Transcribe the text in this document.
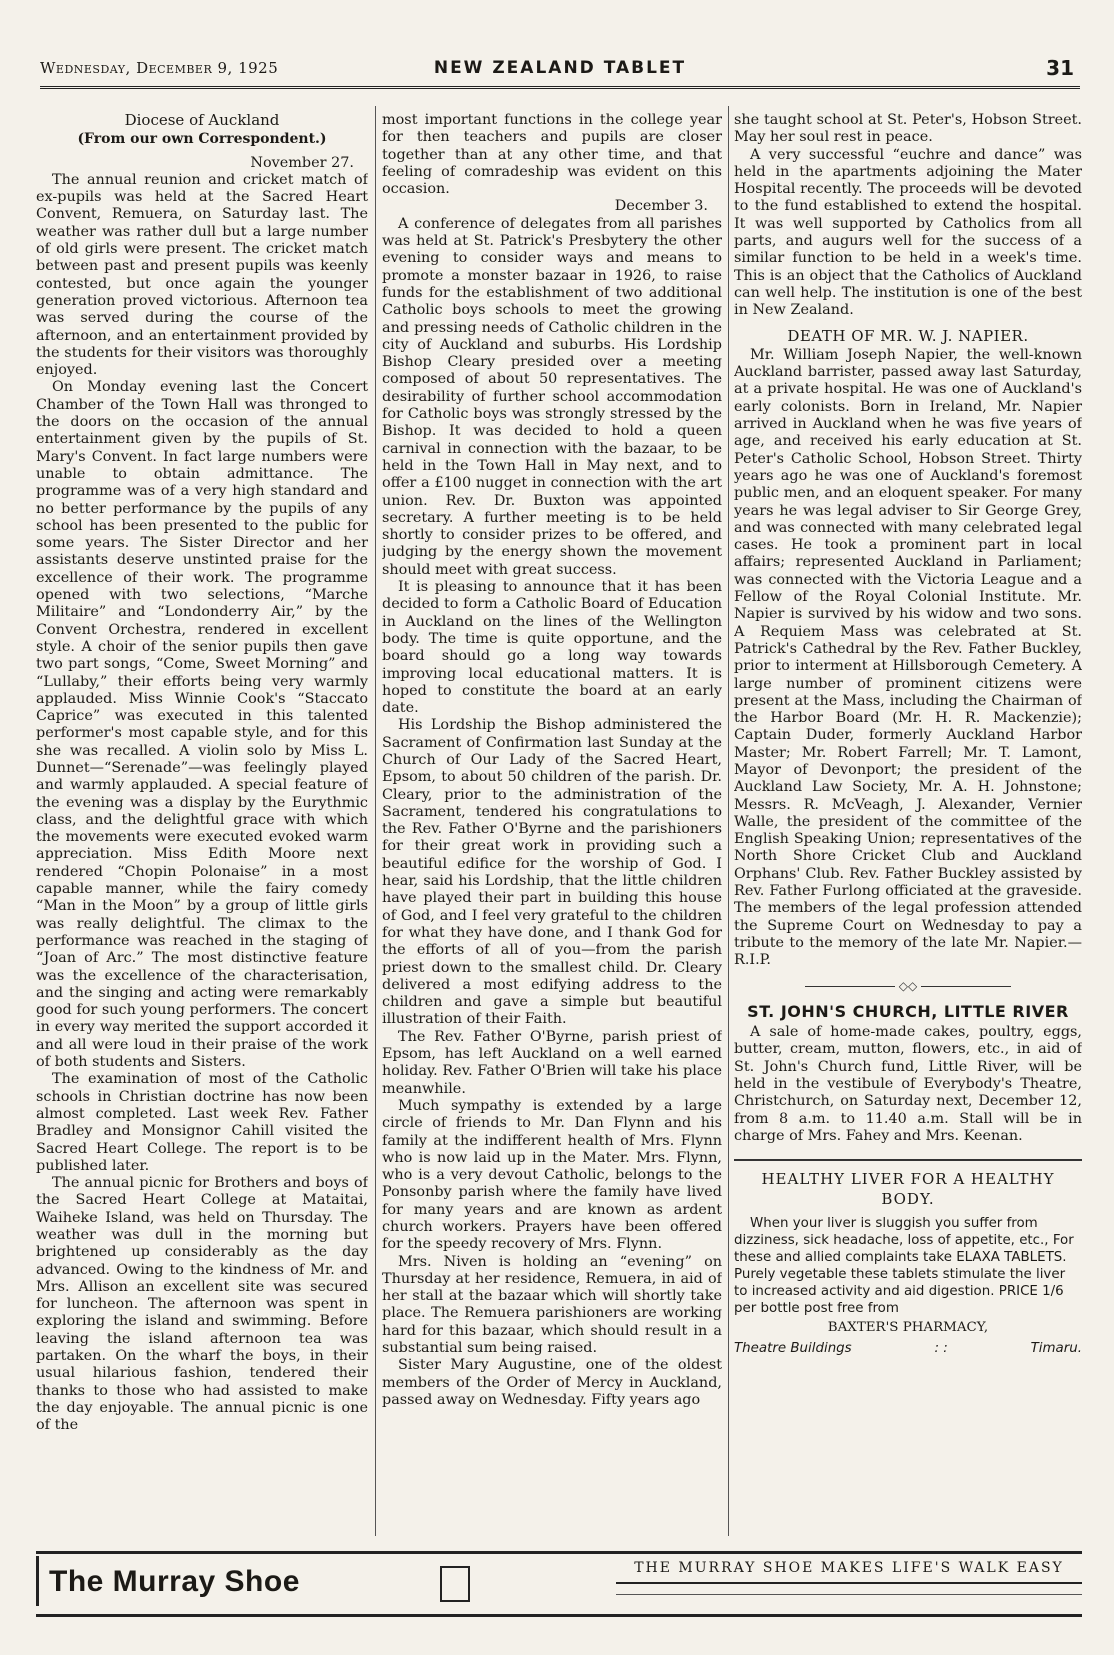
Wednesday, December 9, 1925	NEW ZEALAND TABLET	31
Diocese of Auckland
(From our own Correspondent.)
November 27.

The annual reunion and cricket match of ex-pupils was held at the Sacred Heart Convent, Remuera, on Saturday last. The weather was rather dull but a large number of old girls were present. The cricket match between past and present pupils was keenly contested, but once again the younger generation proved victorious. Afternoon tea was served during the course of the afternoon, and an entertainment provided by the students for their visitors was thoroughly enjoyed.

On Monday evening last the Concert Chamber of the Town Hall was thronged to the doors on the occasion of the annual entertainment given by the pupils of St. Mary's Convent. In fact large numbers were unable to obtain admittance. The programme was of a very high standard and no better performance by the pupils of any school has been presented to the public for some years. The Sister Director and her assistants deserve unstinted praise for the excellence of their work. The programme opened with two selections, “Marche Militaire” and “Londonderry Air,” by the Convent Orchestra, rendered in excellent style. A choir of the senior pupils then gave two part songs, “Come, Sweet Morning” and “Lullaby,” their efforts being very warmly applauded. Miss Winnie Cook's “Staccato Caprice” was executed in this talented performer's most capable style, and for this she was recalled. A violin solo by Miss L. Dunnet—“Serenade”—was feelingly played and warmly applauded. A special feature of the evening was a display by the Eurythmic class, and the delightful grace with which the movements were executed evoked warm appreciation. Miss Edith Moore next rendered “Chopin Polonaise” in a most capable manner, while the fairy comedy “Man in the Moon” by a group of little girls was really delightful. The climax to the performance was reached in the staging of “Joan of Arc.” The most distinctive feature was the excellence of the characterisation, and the singing and acting were remarkably good for such young performers. The concert in every way merited the support accorded it and all were loud in their praise of the work of both students and Sisters.

The examination of most of the Catholic schools in Christian doctrine has now been almost completed. Last week Rev. Father Bradley and Monsignor Cahill visited the Sacred Heart College. The report is to be published later.

The annual picnic for Brothers and boys of the Sacred Heart College at Mataitai, Waiheke Island, was held on Thursday. The weather was dull in the morning but brightened up considerably as the day advanced. Owing to the kindness of Mr. and Mrs. Allison an excellent site was secured for luncheon. The afternoon was spent in exploring the island and swimming. Before leaving the island afternoon tea was partaken. On the wharf the boys, in their usual hilarious fashion, tendered their thanks to those who had assisted to make the day enjoyable. The annual picnic is one of the

most important functions in the college year for then teachers and pupils are closer together than at any other time, and that feeling of comradeship was evident on this occasion.

December 3.

A conference of delegates from all parishes was held at St. Patrick's Presbytery the other evening to consider ways and means to promote a monster bazaar in 1926, to raise funds for the establishment of two additional Catholic boys schools to meet the growing and pressing needs of Catholic children in the city of Auckland and suburbs. His Lordship Bishop Cleary presided over a meeting composed of about 50 representatives. The desirability of further school accommodation for Catholic boys was strongly stressed by the Bishop. It was decided to hold a queen carnival in connection with the bazaar, to be held in the Town Hall in May next, and to offer a £100 nugget in connection with the art union. Rev. Dr. Buxton was appointed secretary. A further meeting is to be held shortly to consider prizes to be offered, and judging by the energy shown the movement should meet with great success.

It is pleasing to announce that it has been decided to form a Catholic Board of Education in Auckland on the lines of the Wellington body. The time is quite opportune, and the board should go a long way towards improving local educational matters. It is hoped to constitute the board at an early date.

His Lordship the Bishop administered the Sacrament of Confirmation last Sunday at the Church of Our Lady of the Sacred Heart, Epsom, to about 50 children of the parish. Dr. Cleary, prior to the administration of the Sacrament, tendered his congratulations to the Rev. Father O'Byrne and the parishioners for their great work in providing such a beautiful edifice for the worship of God. I hear, said his Lordship, that the little children have played their part in building this house of God, and I feel very grateful to the children for what they have done, and I thank God for the efforts of all of you—from the parish priest down to the smallest child. Dr. Cleary delivered a most edifying address to the children and gave a simple but beautiful illustration of their Faith.

The Rev. Father O'Byrne, parish priest of Epsom, has left Auckland on a well earned holiday. Rev. Father O'Brien will take his place meanwhile.

Much sympathy is extended by a large circle of friends to Mr. Dan Flynn and his family at the indifferent health of Mrs. Flynn who is now laid up in the Mater. Mrs. Flynn, who is a very devout Catholic, belongs to the Ponsonby parish where the family have lived for many years and are known as ardent church workers. Prayers have been offered for the speedy recovery of Mrs. Flynn.

Mrs. Niven is holding an “evening” on Thursday at her residence, Remuera, in aid of her stall at the bazaar which will shortly take place. The Remuera parishioners are working hard for this bazaar, which should result in a substantial sum being raised.

Sister Mary Augustine, one of the oldest members of the Order of Mercy in Auckland, passed away on Wednesday. Fifty years ago

she taught school at St. Peter's, Hobson Street. May her soul rest in peace.

A very successful “euchre and dance” was held in the apartments adjoining the Mater Hospital recently. The proceeds will be devoted to the fund established to extend the hospital. It was well supported by Catholics from all parts, and augurs well for the success of a similar function to be held in a week's time. This is an object that the Catholics of Auckland can well help. The institution is one of the best in New Zealand.

DEATH OF MR. W. J. NAPIER.

Mr. William Joseph Napier, the well-known Auckland barrister, passed away last Saturday, at a private hospital. He was one of Auckland's early colonists. Born in Ireland, Mr. Napier arrived in Auckland when he was five years of age, and received his early education at St. Peter's Catholic School, Hobson Street. Thirty years ago he was one of Auckland's foremost public men, and an eloquent speaker. For many years he was legal adviser to Sir George Grey, and was connected with many celebrated legal cases. He took a prominent part in local affairs; represented Auckland in Parliament; was connected with the Victoria League and a Fellow of the Royal Colonial Institute. Mr. Napier is survived by his widow and two sons. A Requiem Mass was celebrated at St. Patrick's Cathedral by the Rev. Father Buckley, prior to interment at Hillsborough Cemetery. A large number of prominent citizens were present at the Mass, including the Chairman of the Harbor Board (Mr. H. R. Mackenzie); Captain Duder, formerly Auckland Harbor Master; Mr. Robert Farrell; Mr. T. Lamont, Mayor of Devonport; the president of the Auckland Law Society, Mr. A. H. Johnstone; Messrs. R. McVeagh, J. Alexander, Vernier Walle, the president of the committee of the English Speaking Union; representatives of the North Shore Cricket Club and Auckland Orphans' Club. Rev. Father Buckley assisted by Rev. Father Furlong officiated at the graveside. The members of the legal profession attended the Supreme Court on Wednesday to pay a tribute to the memory of the late Mr. Napier.—R.I.P.

◇◇
ST. JOHN'S CHURCH, LITTLE RIVER

A sale of home-made cakes, poultry, eggs, butter, cream, mutton, flowers, etc., in aid of St. John's Church fund, Little River, will be held in the vestibule of Everybody's Theatre, Christchurch, on Saturday next, December 12, from 8 a.m. to 11.40 a.m. Stall will be in charge of Mrs. Fahey and Mrs. Keenan.

HEALTHY LIVER FOR A HEALTHY BODY.

When your liver is sluggish you suffer from dizziness, sick headache, loss of appetite, etc., For these and allied complaints take ELAXA TABLETS. Purely vegetable these tablets stimulate the liver to increased activity and aid digestion. PRICE 1/6 per bottle post free from

BAXTER'S PHARMACY,
Theatre Buildings	: :	Timaru.
The Murray Shoe	THE MURRAY SHOE MAKES LIFE'S WALK EASY
